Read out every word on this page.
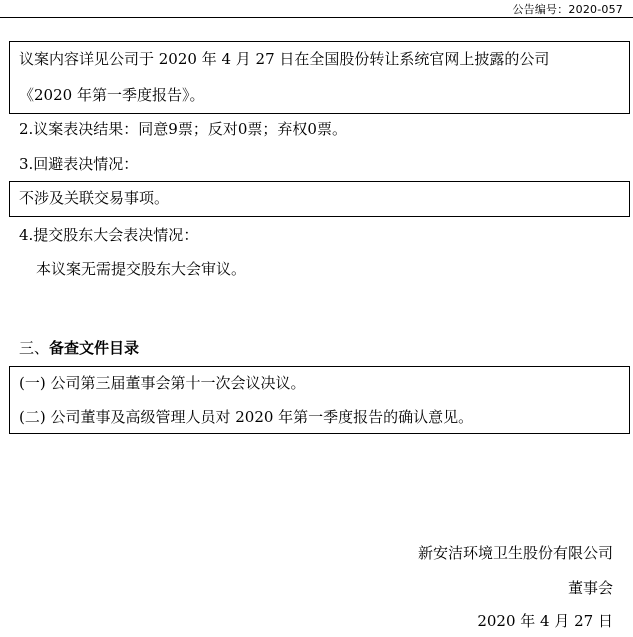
公告编号：2020-057
议案内容详见公司于 2020 年 4 月 27 日在全国股份转让系统官网上披露的公司
《2020 年第一季度报告》。
2.议案表决结果：同意9票；反对0票；弃权0票。
3.回避表决情况：
不涉及关联交易事项。
4.提交股东大会表决情况：
本议案无需提交股东大会审议。
三、备查文件目录
(一) 公司第三届董事会第十一次会议决议。
(二) 公司董事及高级管理人员对 2020 年第一季度报告的确认意见。
新安洁环境卫生股份有限公司
董事会
2020 年 4 月 27 日
